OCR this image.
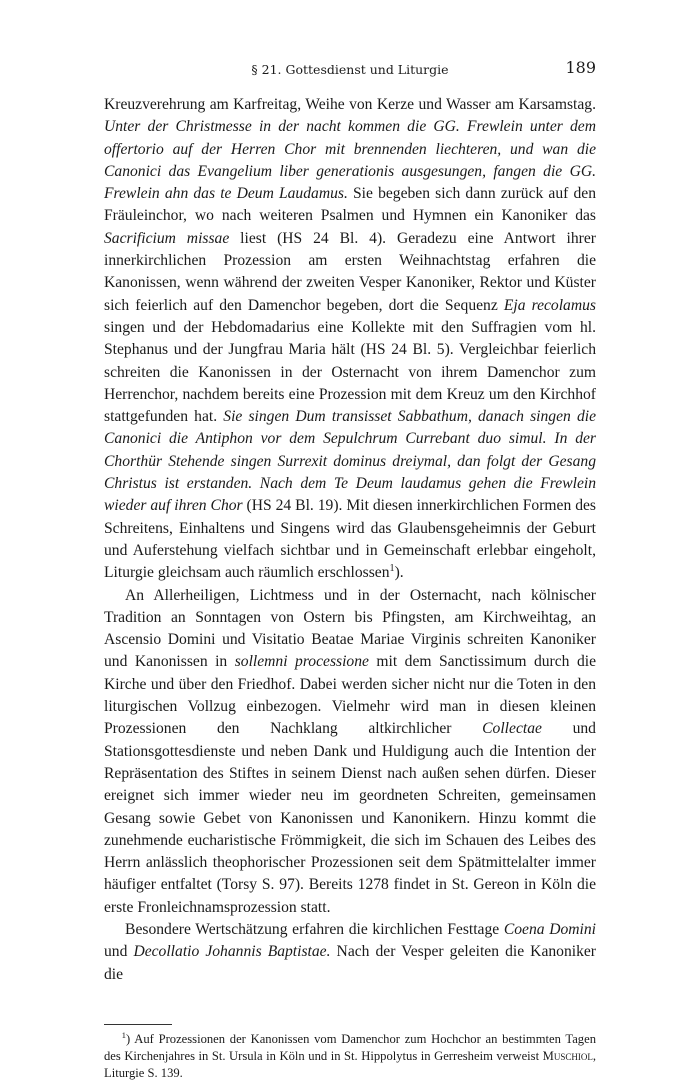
§ 21. Gottesdienst und Liturgie	189

Kreuzverehrung am Karfreitag, Weihe von Kerze und Wasser am Karsamstag. Unter der Christmesse in der nacht kommen die GG. Frewlein unter dem offertorio auf der Herren Chor mit brennenden liechteren, und wan die Canonici das Evangelium liber generationis ausgesungen, fangen die GG. Frewlein ahn das te Deum Laudamus. Sie begeben sich dann zurück auf den Fräuleinchor, wo nach weiteren Psalmen und Hymnen ein Kanoniker das Sacrificium missae liest (HS 24 Bl. 4). Geradezu eine Antwort ihrer innerkirchlichen Prozession am ersten Weihnachtstag erfahren die Kanonissen, wenn während der zweiten Vesper Kanoniker, Rektor und Küster sich feierlich auf den Damenchor begeben, dort die Sequenz Eja recolamus singen und der Hebdomadarius eine Kollekte mit den Suffragien vom hl. Stephanus und der Jungfrau Maria hält (HS 24 Bl. 5). Vergleichbar feierlich schreiten die Kanonissen in der Osternacht von ihrem Damenchor zum Herrenchor, nachdem bereits eine Prozession mit dem Kreuz um den Kirchhof stattgefunden hat. Sie singen Dum transisset Sabbathum, danach singen die Canonici die Antiphon vor dem Sepulchrum Currebant duo simul. In der Chorthür Stehende singen Surrexit dominus dreiymal, dan folgt der Gesang Christus ist erstanden. Nach dem Te Deum laudamus gehen die Frewlein wieder auf ihren Chor (HS 24 Bl. 19). Mit diesen innerkirchlichen Formen des Schreitens, Einhaltens und Singens wird das Glaubensgeheimnis der Geburt und Auferstehung vielfach sichtbar und in Gemeinschaft erlebbar eingeholt, Liturgie gleichsam auch räumlich erschlossen$^1$).

An Allerheiligen, Lichtmess und in der Osternacht, nach kölnischer Tradition an Sonntagen von Ostern bis Pfingsten, am Kirchweihtag, an Ascensio Domini und Visitatio Beatae Mariae Virginis schreiten Kanoniker und Kanonissen in sollemni processione mit dem Sanctissimum durch die Kirche und über den Friedhof. Dabei werden sicher nicht nur die Toten in den liturgischen Vollzug einbezogen. Vielmehr wird man in diesen kleinen Prozessionen den Nachklang altkirchlicher Collectae und Stationsgottesdienste und neben Dank und Huldigung auch die Intention der Repräsentation des Stiftes in seinem Dienst nach außen sehen dürfen. Dieser ereignet sich immer wieder neu im geordneten Schreiten, gemeinsamen Gesang sowie Gebet von Kanonissen und Kanonikern. Hinzu kommt die zunehmende eucharistische Frömmigkeit, die sich im Schauen des Leibes des Herrn anlässlich theophorischer Prozessionen seit dem Spätmittelalter immer häufiger entfaltet (Torsy S. 97). Bereits 1278 findet in St. Gereon in Köln die erste Fronleichnamsprozession statt.

Besondere Wertschätzung erfahren die kirchlichen Festtage Coena Domini und Decollatio Johannis Baptistae. Nach der Vesper geleiten die Kanoniker die

$^1$) Auf Prozessionen der Kanonissen vom Damenchor zum Hochchor an bestimmten Tagen des Kirchenjahres in St. Ursula in Köln und in St. Hippolytus in Gerresheim verweist Muschiol, Liturgie S. 139.
